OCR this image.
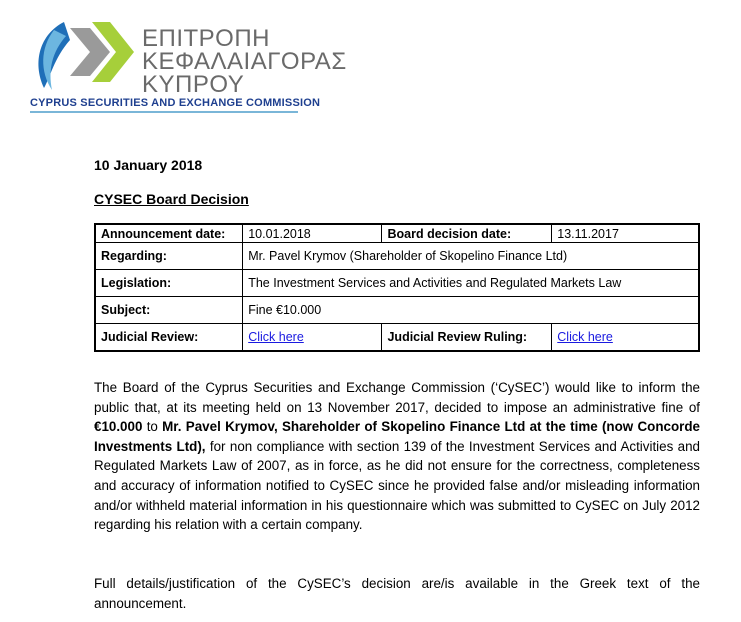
ΕΠΙΤΡΟΠΗ
ΚΕΦΑΛΑΙΑΓΟΡΑΣ
ΚΥΠΡΟΥ
CYPRUS SECURITIES AND EXCHANGE COMMISSION
10 January 2018
CYSEC Board Decision
Announcement date:	10.01.2018	Board decision date:	13.11.2017
Regarding:	Mr. Pavel Krymov (Shareholder of Skopelino Finance Ltd)		
Legislation:	The Investment Services and Activities and Regulated Markets Law		
Subject:	Fine €10.000		
Judicial Review:	Click here	Judicial Review Ruling:	Click here
The Board of the Cyprus Securities and Exchange Commission (‘CySEC’) would like to inform the public that, at its meeting held on 13 November 2017, decided to impose an administrative fine of €10.000 to Mr. Pavel Krymov, Shareholder of Skopelino Finance Ltd at the time (now Concorde Investments Ltd), for non compliance with section 139 of the Investment Services and Activities and Regulated Markets Law of 2007, as in force, as he did not ensure for the correctness, completeness and accuracy of information notified to CySEC since he provided false and/or misleading information and/or withheld material information in his questionnaire which was submitted to CySEC on July 2012 regarding his relation with a certain company.
Full details/justification of the CySEC’s decision are/is available in the Greek text of the announcement.
